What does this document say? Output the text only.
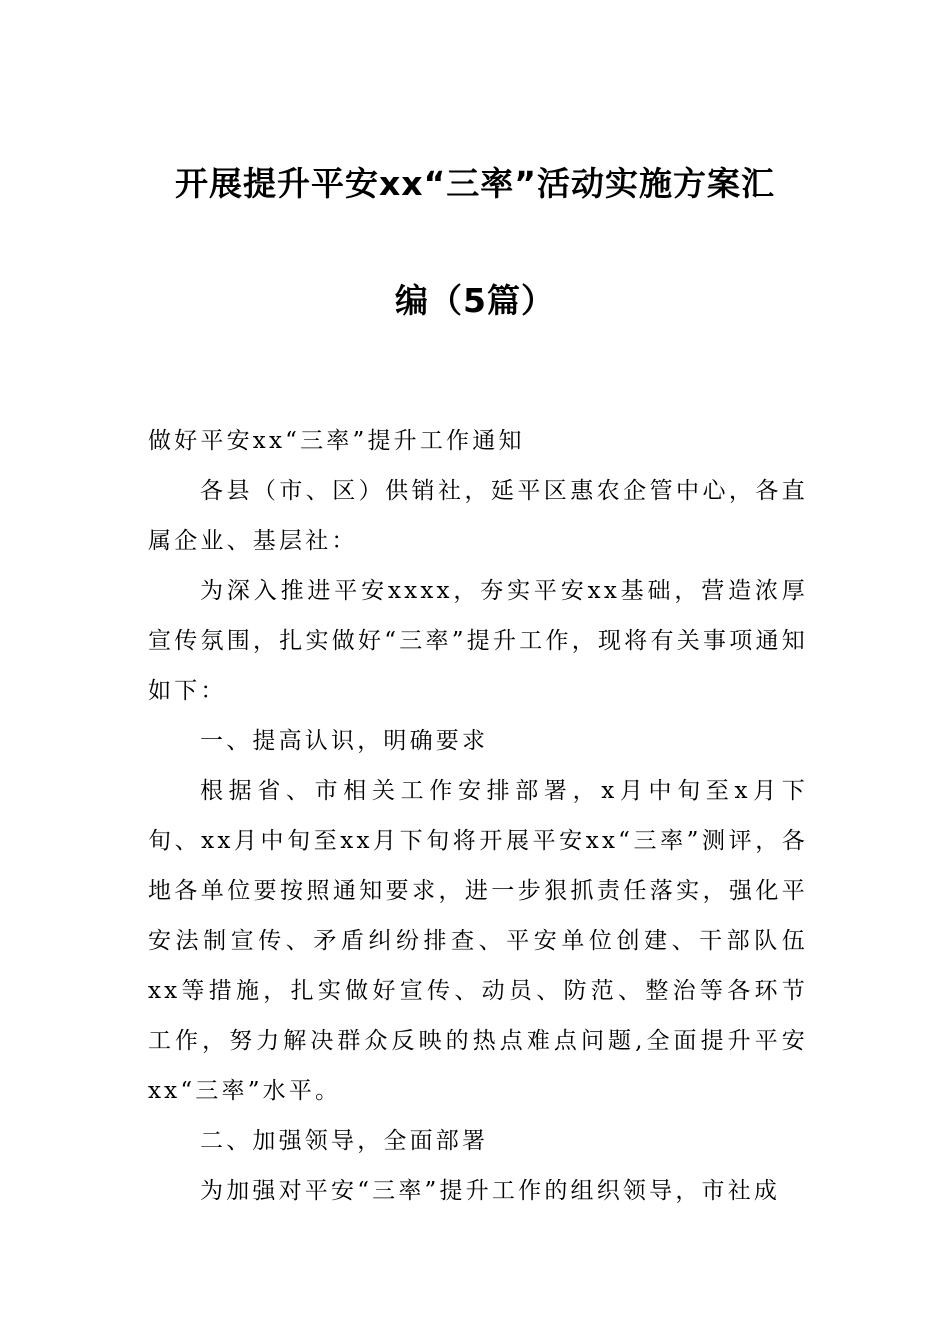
开展提升平安xx“三率”活动实施方案汇
编（5篇）

做好平安xx“三率”提升工作通知

各县（市、区）供销社，延平区惠农企管中心，各直属企业、基层社：

为深入推进平安xxxx，夯实平安xx基础，营造浓厚宣传氛围，扎实做好“三率”提升工作，现将有关事项通知如下：

一、提高认识，明确要求

根据省、市相关工作安排部署，x月中旬至x月下旬、xx月中旬至xx月下旬将开展平安xx“三率”测评，各地各单位要按照通知要求，进一步狠抓责任落实，强化平安法制宣传、矛盾纠纷排查、平安单位创建、干部队伍xx等措施，扎实做好宣传、动员、防范、整治等各环节工作，努力解决群众反映的热点难点问题,全面提升平安xx“三率”水平。

二、加强领导，全面部署

为加强对平安“三率”提升工作的组织领导，市社成
